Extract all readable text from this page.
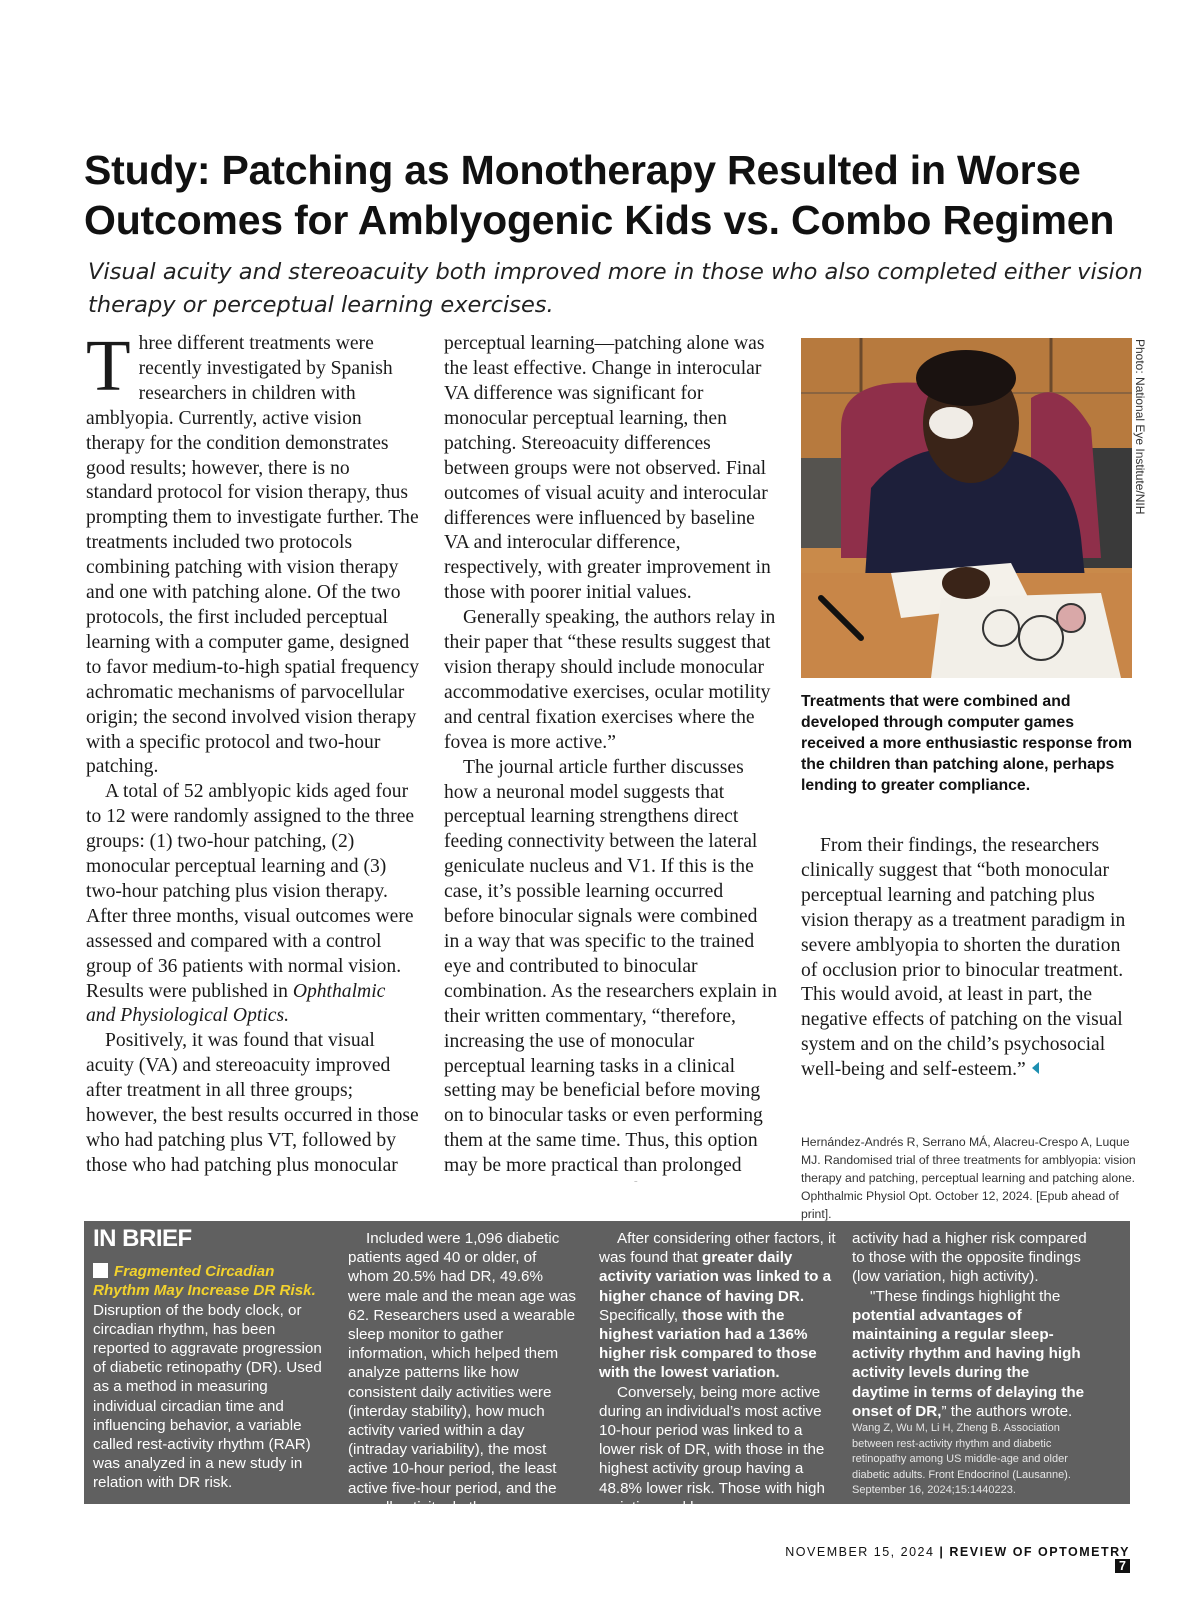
Study: Patching as Monotherapy Resulted in Worse Outcomes for Amblyogenic Kids vs. Combo Regimen
Visual acuity and stereoacuity both improved more in those who also completed either vision therapy or perceptual learning exercises.

Three different treatments were recently investigated by Spanish researchers in children with amblyopia. Currently, active vision therapy for the condition demonstrates good results; however, there is no standard protocol for vision therapy, thus prompting them to investigate further. The treatments included two protocols combining patching with vision therapy and one with patching alone. Of the two protocols, the first included perceptual learning with a computer game, designed to favor medium-to-high spatial frequency achromatic mechanisms of parvocellular origin; the second involved vision therapy with a specific protocol and two-hour patching.

A total of 52 amblyopic kids aged four to 12 were randomly assigned to the three groups: (1) two-hour patching, (2) monocular perceptual learning and (3) two-hour patching plus vision therapy. After three months, visual outcomes were assessed and compared with a control group of 36 patients with normal vision. Results were published in Ophthalmic and Physiological Optics.

Positively, it was found that visual acuity (VA) and stereoacuity improved after treatment in all three groups; however, the best results occurred in those who had patching plus VT, followed by those who had patching plus monocular

perceptual learning—patching alone was the least effective. Change in interocular VA difference was significant for monocular perceptual learning, then patching. Stereoacuity differences between groups were not observed. Final outcomes of visual acuity and interocular differences were influenced by baseline VA and interocular difference, respectively, with greater improvement in those with poorer initial values.

Generally speaking, the authors relay in their paper that “these results suggest that vision therapy should include monocular accommodative exercises, ocular motility and central fixation exercises where the fovea is more active.”

The journal article further discusses how a neuronal model suggests that perceptual learning strengthens direct feeding connectivity between the lateral geniculate nucleus and V1. If this is the case, it’s possible learning occurred before binocular signals were combined in a way that was specific to the trained eye and contributed to binocular combination. As the researchers explain in their written commentary, “therefore, increasing the use of monocular perceptual learning tasks in a clinical setting may be beneficial before moving on to binocular tasks or even performing them at the same time. Thus, this option may be more practical than prolonged

Photo: National Eye Institute/NIH
Treatments that were combined and developed through computer games received a more enthusiastic response from the children than patching alone, perhaps lending to greater compliance.

From their findings, the researchers clinically suggest that “both monocular perceptual learning and patching plus vision therapy as a treatment paradigm in severe amblyopia to shorten the duration of occlusion prior to binocular treatment. This would avoid, at least in part, the negative effects of patching on the visual system and on the child’s psychosocial well-being and self-esteem.”

Hernández-Andrés R, Serrano MÁ, Alacreu-Crespo A, Luque MJ. Randomised trial of three treatments for amblyopia: vision therapy and patching, perceptual learning and patching alone. Ophthalmic Physiol Opt. October 12, 2024. [Epub ahead of print].
IN BRIEF

Fragmented Circadian Rhythm May Increase DR Risk. Disruption of the body clock, or circadian rhythm, has been reported to aggravate progression of diabetic retinopathy (DR). Used as a method in measuring individual circadian time and influencing behavior, a variable called rest-activity rhythm (RAR) was analyzed in a new study in relation with DR risk.

Included were 1,096 diabetic patients aged 40 or older, of whom 20.5% had DR, 49.6% were male and the mean age was 62. Researchers used a wearable sleep monitor to gather information, which helped them analyze patterns like how consistent daily activities were (interday stability), how much activity varied within a day (intraday variability), the most active 10-hour period, the least active five-hour period, and the overall activity rhythm.

After considering other factors, it was found that greater daily activity variation was linked to a higher chance of having DR. Specifically, those with the highest variation had a 136% higher risk compared to those with the lowest variation.

Conversely, being more active during an individual’s most active 10-hour period was linked to a lower risk of DR, with those in the highest activity group having a 48.8% lower risk. Those with high variation and low

activity had a higher risk compared to those with the opposite findings (low variation, high activity).

"These findings highlight the potential advantages of maintaining a regular sleep-activity rhythm and having high activity levels during the daytime in terms of delaying the onset of DR,” the authors wrote.

Wang Z, Wu M, Li H, Zheng B. Association between rest-activity rhythm and diabetic retinopathy among US middle-age and older diabetic adults. Front Endocrinol (Lausanne). September 16, 2024;15:1440223.

NOVEMBER 15, 2024 | REVIEW OF OPTOMETRY 7
